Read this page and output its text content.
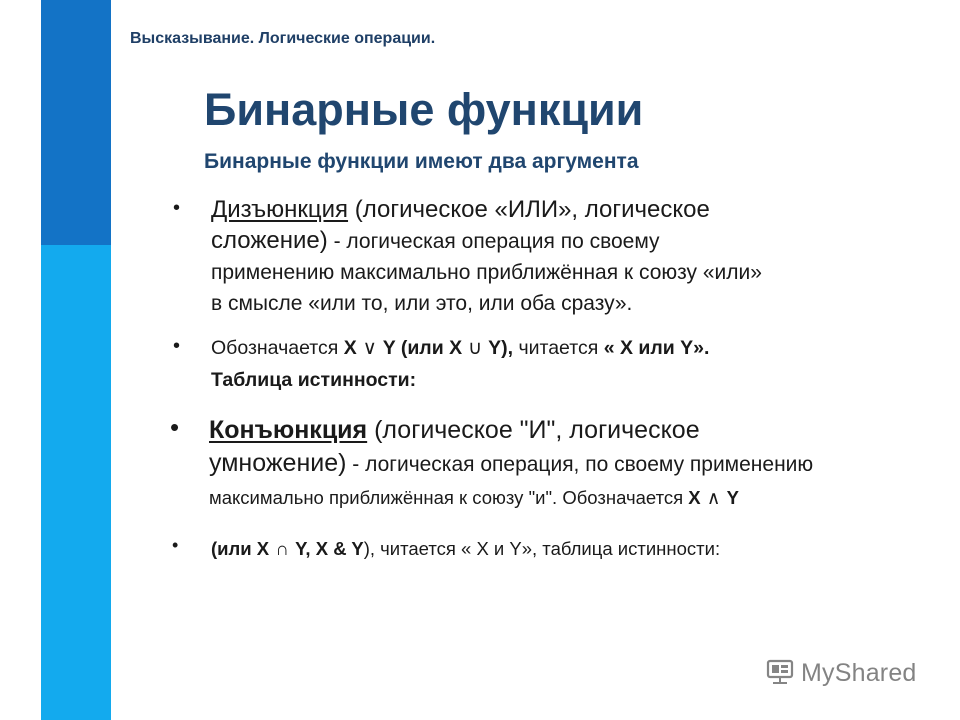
Высказывание. Логические операции.
Бинарные функции
Бинарные функции имеют два аргумента
• Дизъюнкция (логическое «ИЛИ», логическое
сложение) - логическая операция по своему
применению максимально приближённая к союзу «или»
в смысле «или то, или это, или оба сразу».
• Обозначается X ∨ Y (или X ∪ Y), читается « X или Y».
Таблица истинности:
• Конъюнкция (логическое "И", логическое
умножение) - логическая операция, по своему применению
максимально приближённая к союзу "и". Обозначается X ∧ Y
• (или X ∩ Y, X & Y), читается « X и Y», таблица истинности:
MyShared
